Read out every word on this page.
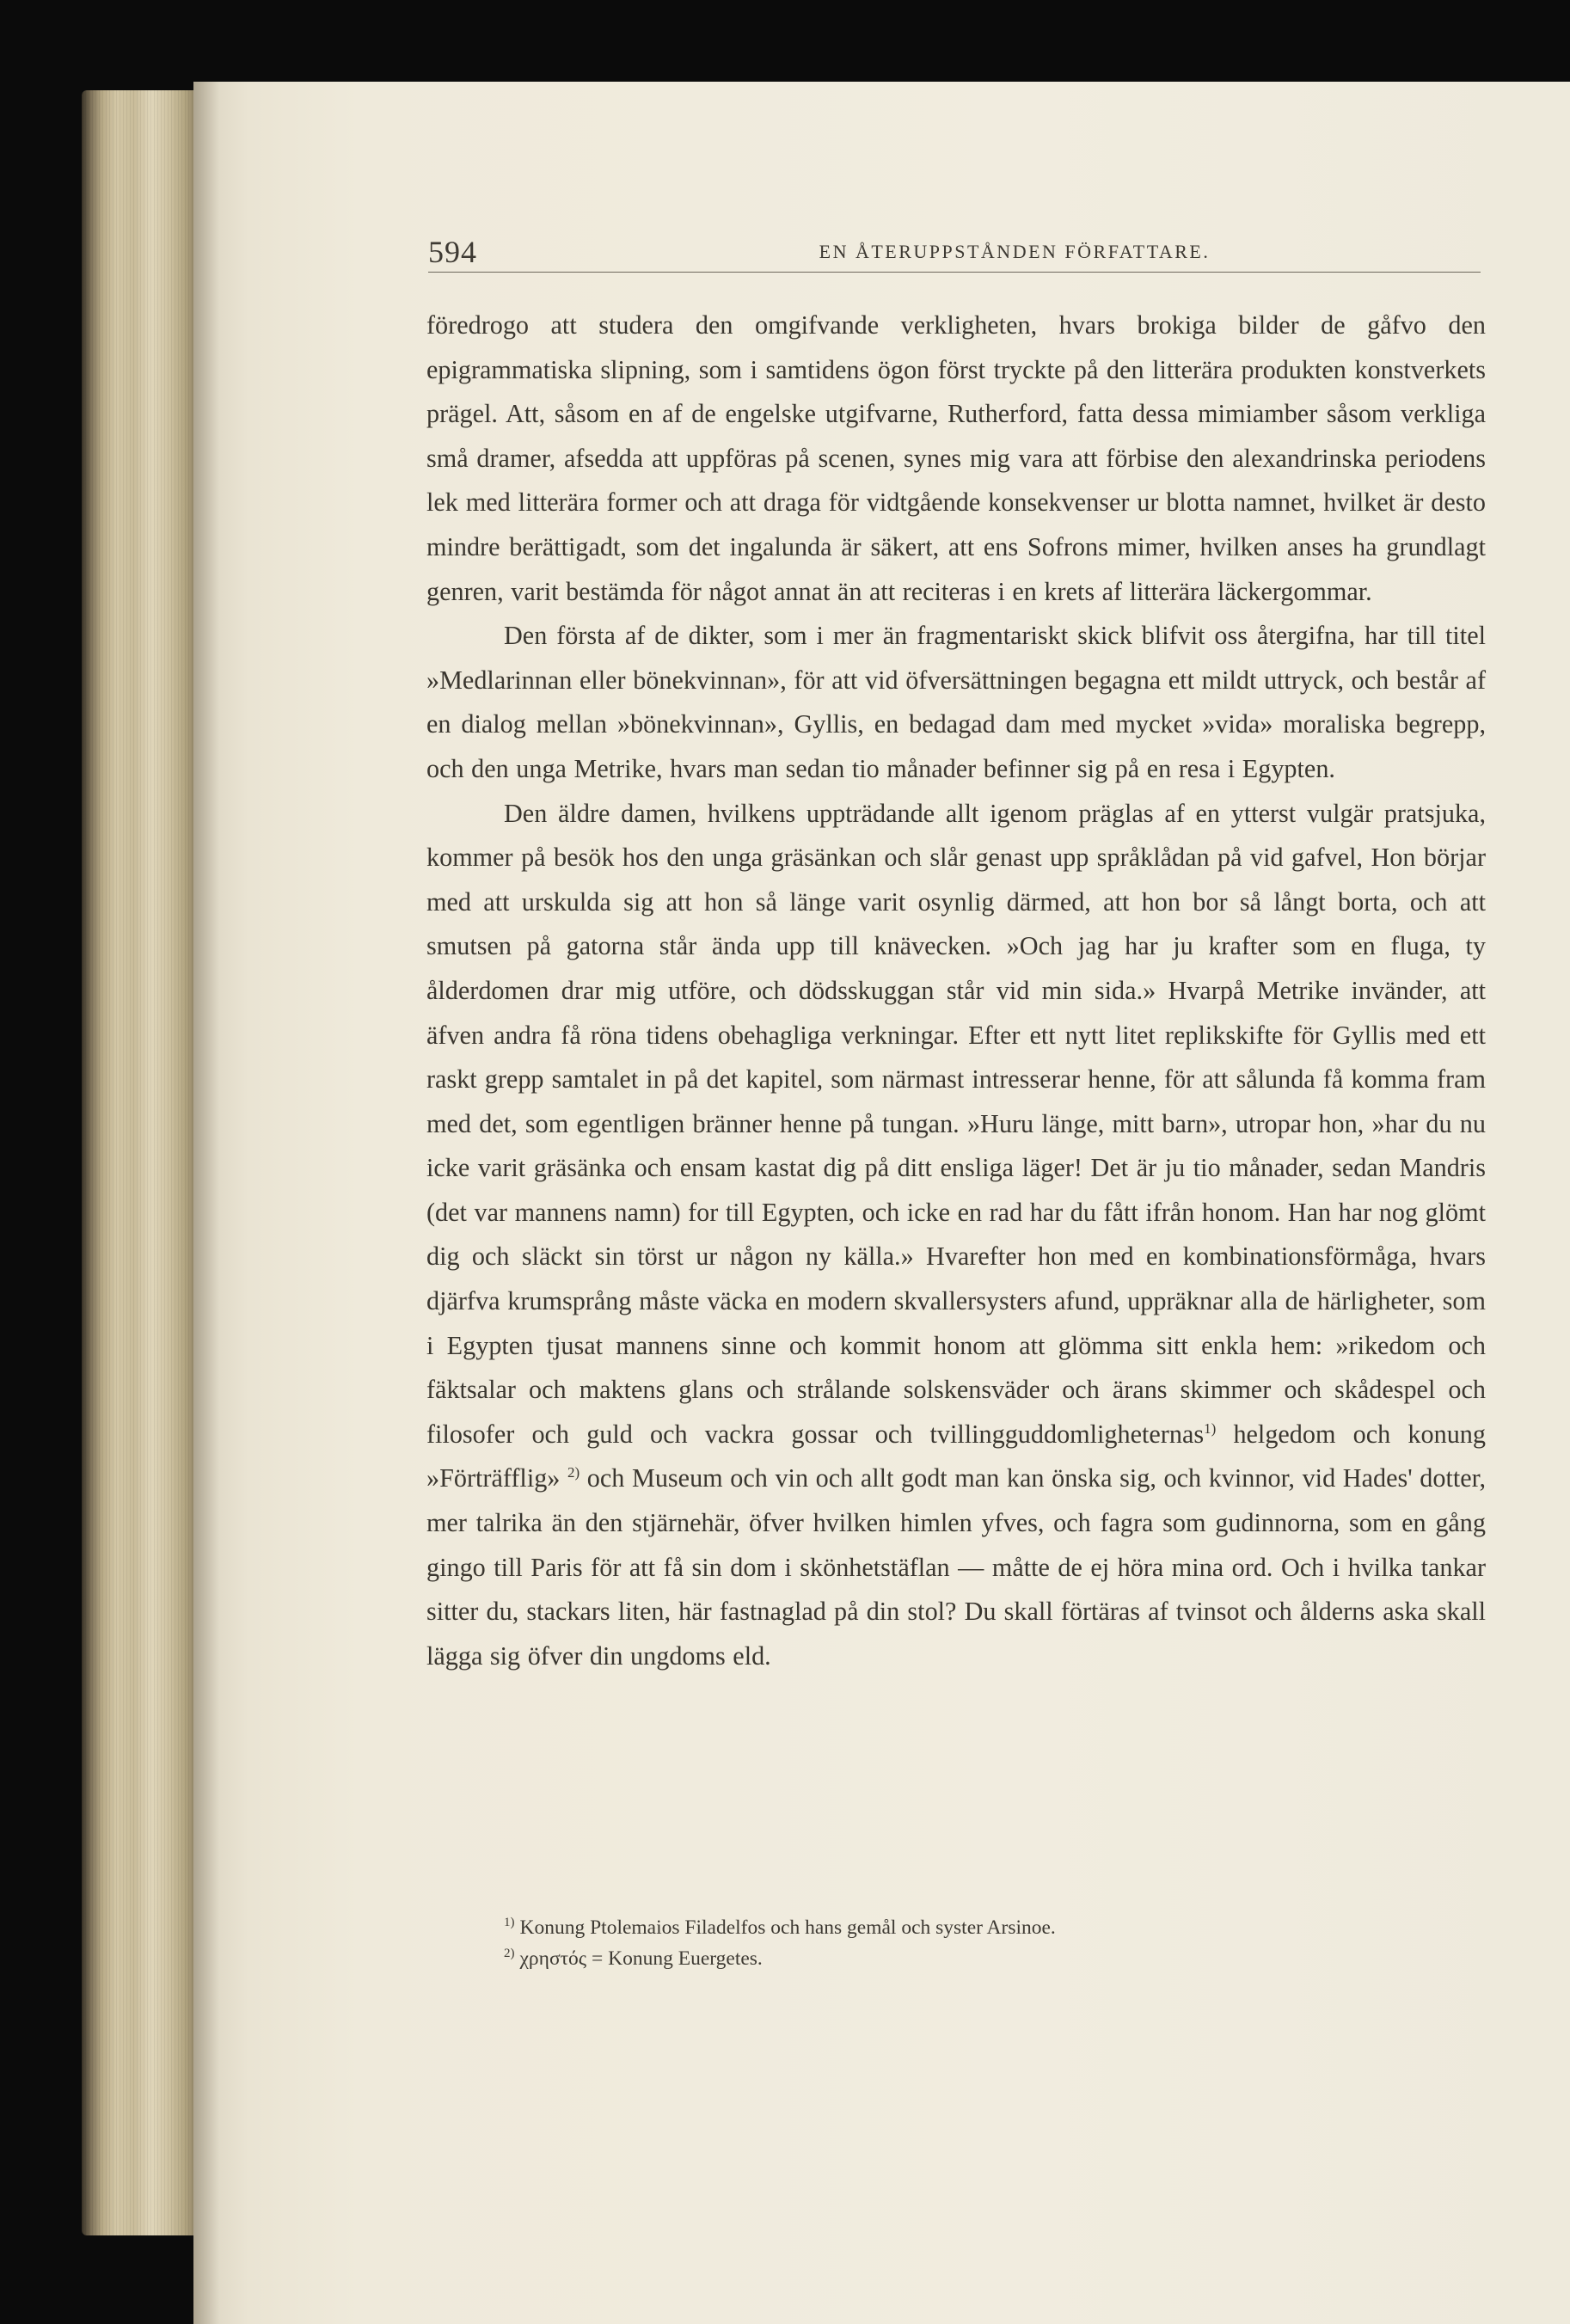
594	EN ÅTERUPPSTÅNDEN FÖRFATTARE.

föredrogo att studera den omgifvande verkligheten, hvars brokiga bilder de gåfvo den epigrammatiska slipning, som i samtidens ögon först tryckte på den litterära produkten konstverkets prägel. Att, såsom en af de engelske utgifvarne, Rutherford, fatta dessa mimiamber såsom verkliga små dramer, afsedda att uppföras på scenen, synes mig vara att förbise den alexandrinska periodens lek med litterära former och att draga för vidtgående konsekvenser ur blotta namnet, hvilket är desto mindre berättigadt, som det ingalunda är säkert, att ens Sofrons mimer, hvilken anses ha grundlagt genren, varit bestämda för något annat än att reciteras i en krets af litterära läckergommar.

Den första af de dikter, som i mer än fragmentariskt skick blifvit oss återgifna, har till titel »Medlarinnan eller bönekvinnan», för att vid öfversättningen begagna ett mildt uttryck, och består af en dialog mellan »bönekvinnan», Gyllis, en bedagad dam med mycket »vida» moraliska begrepp, och den unga Metrike, hvars man sedan tio månader befinner sig på en resa i Egypten.

Den äldre damen, hvilkens uppträdande allt igenom präglas af en ytterst vulgär pratsjuka, kommer på besök hos den unga gräsänkan och slår genast upp språklådan på vid gafvel, Hon börjar med att urskulda sig att hon så länge varit osynlig därmed, att hon bor så långt borta, och att smutsen på gatorna står ända upp till knävecken. »Och jag har ju krafter som en fluga, ty ålderdomen drar mig utföre, och dödsskuggan står vid min sida.» Hvarpå Metrike invänder, att äfven andra få röna tidens obehagliga verkningar. Efter ett nytt litet replikskifte för Gyllis med ett raskt grepp samtalet in på det kapitel, som närmast intresserar henne, för att sålunda få komma fram med det, som egentligen bränner henne på tungan. »Huru länge, mitt barn», utropar hon, »har du nu icke varit gräsänka och ensam kastat dig på ditt ensliga läger! Det är ju tio månader, sedan Mandris (det var mannens namn) for till Egypten, och icke en rad har du fått ifrån honom. Han har nog glömt dig och släckt sin törst ur någon ny källa.» Hvarefter hon med en kombinationsförmåga, hvars djärfva krumsprång måste väcka en modern skvallersysters afund, uppräknar alla de härligheter, som i Egypten tjusat mannens sinne och kommit honom att glömma sitt enkla hem: »rikedom och fäktsalar och maktens glans och strålande solskensväder och ärans skimmer och skådespel och filosofer och guld och vackra gossar och tvillingguddomligheternas$^{1)}$ helgedom och konung »Förträfflig» $^{2)}$ och Museum och vin och allt godt man kan önska sig, och kvinnor, vid Hades' dotter, mer talrika än den stjärnehär, öfver hvilken himlen yfves, och fagra som gudinnorna, som en gång gingo till Paris för att få sin dom i skönhetstäflan — måtte de ej höra mina ord. Och i hvilka tankar sitter du, stackars liten, här fastnaglad på din stol? Du skall förtäras af tvinsot och ålderns aska skall lägga sig öfver din ungdoms eld.

$^{1)}$ Konung Ptolemaios Filadelfos och hans gemål och syster Arsinoe.

$^{2)}$ χρηστός = Konung Euergetes.
